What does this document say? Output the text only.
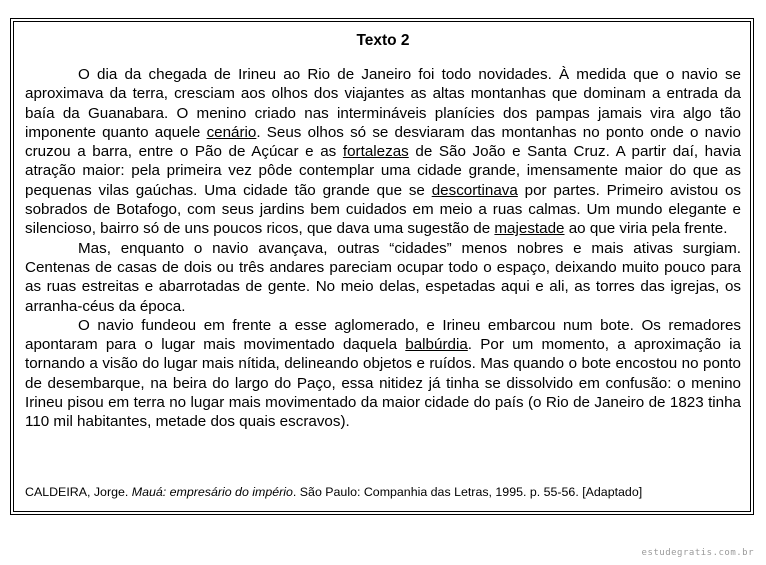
Texto 2

O dia da chegada de Irineu ao Rio de Janeiro foi todo novidades. À medida que o navio se aproximava da terra, cresciam aos olhos dos viajantes as altas montanhas que dominam a entrada da baía da Guanabara. O menino criado nas intermináveis planícies dos pampas jamais vira algo tão imponente quanto aquele cenário. Seus olhos só se desviaram das montanhas no ponto onde o navio cruzou a barra, entre o Pão de Açúcar e as fortalezas de São João e Santa Cruz. A partir daí, havia atração maior: pela primeira vez pôde contemplar uma cidade grande, imensamente maior do que as pequenas vilas gaúchas. Uma cidade tão grande que se descortinava por partes. Primeiro avistou os sobrados de Botafogo, com seus jardins bem cuidados em meio a ruas calmas. Um mundo elegante e silencioso, bairro só de uns poucos ricos, que dava uma sugestão de majestade ao que viria pela frente.

Mas, enquanto o navio avançava, outras “cidades” menos nobres e mais ativas surgiam. Centenas de casas de dois ou três andares pareciam ocupar todo o espaço, deixando muito pouco para as ruas estreitas e abarrotadas de gente. No meio delas, espetadas aqui e ali, as torres das igrejas, os arranha-céus da época.

O navio fundeou em frente a esse aglomerado, e Irineu embarcou num bote. Os remadores apontaram para o lugar mais movimentado daquela balbúrdia. Por um momento, a aproximação ia tornando a visão do lugar mais nítida, delineando objetos e ruídos. Mas quando o bote encostou no ponto de desembarque, na beira do largo do Paço, essa nitidez já tinha se dissolvido em confusão: o menino Irineu pisou em terra no lugar mais movimentado da maior cidade do país (o Rio de Janeiro de 1823 tinha 110 mil habitantes, metade dos quais escravos).

CALDEIRA, Jorge. Mauá: empresário do império. São Paulo: Companhia das Letras, 1995. p. 55-56. [Adaptado]
estudegratis.com.br
